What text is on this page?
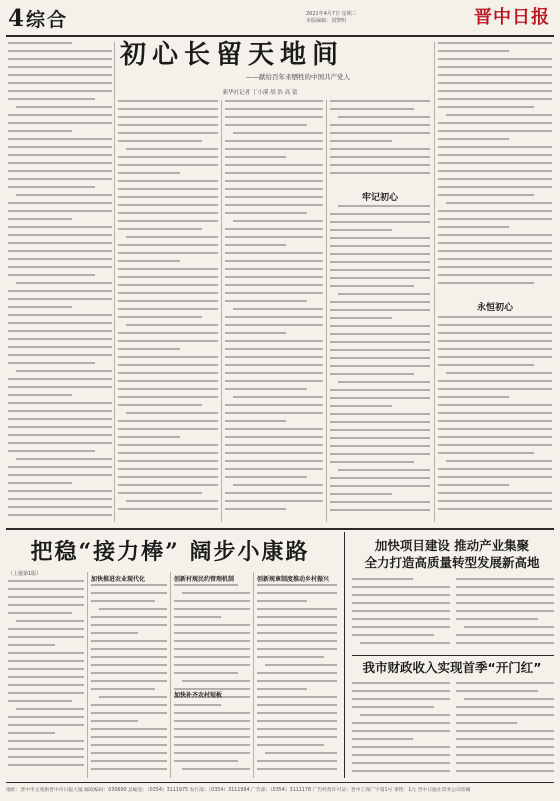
4 综合	2021年4月7日 星期三
本版编辑：刘黎明	晋中日报
初心长留天地间
——献给百年来牺牲的中国共产党人
新华社记者 丁小溪 胡 浩 高 蕾
牢记初心
永恒初心
把稳“接力棒” 阔步小康路
（上接第1版）
加快推进农业现代化	创新村规民约管理机制	创新规章制度推动乡村振兴
加快补齐农村短板
加快项目建设 推动产业集聚
全力打造高质量转型发展新高地
我市财政收入实现首季“开门红”
地址：晋中市文苑街晋中市日报大厦 邮政编码：030600 总编室：（0354）3111975 发行部：（0354）3111994 广告部：（0354）3111178 广告经营许可证：晋中工商广字第1号 零售：1元 晋中日报社印务公司印刷
